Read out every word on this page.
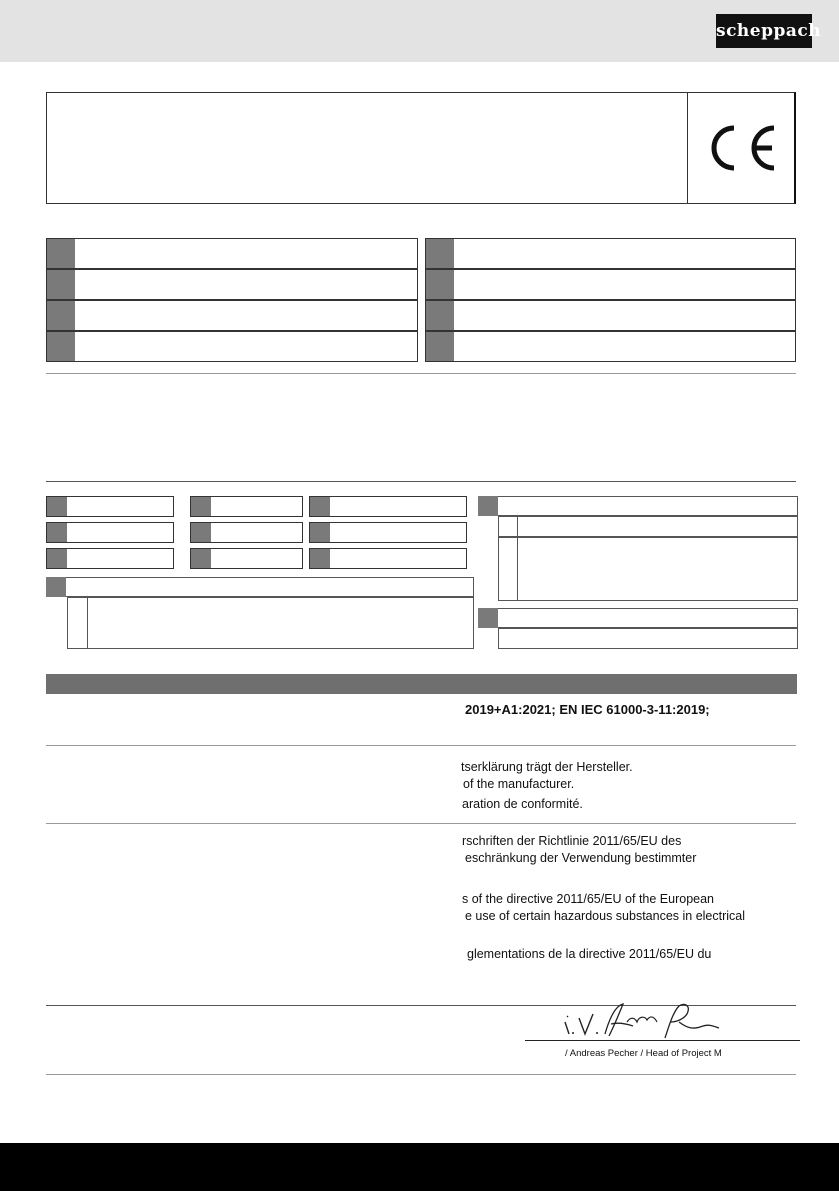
scheppach
2019+A1:2021; EN IEC 61000-3-11:2019;
tserklärung trägt der Hersteller.
of the manufacturer.
aration de conformité.
rschriften der Richtlinie 2011/65/EU des
eschränkung der Verwendung bestimmter
s of the directive 2011/65/EU of the European
e use of certain hazardous substances in electrical
glementations de la directive 2011/65/EU du
/ Andreas Pecher / Head of Project M
